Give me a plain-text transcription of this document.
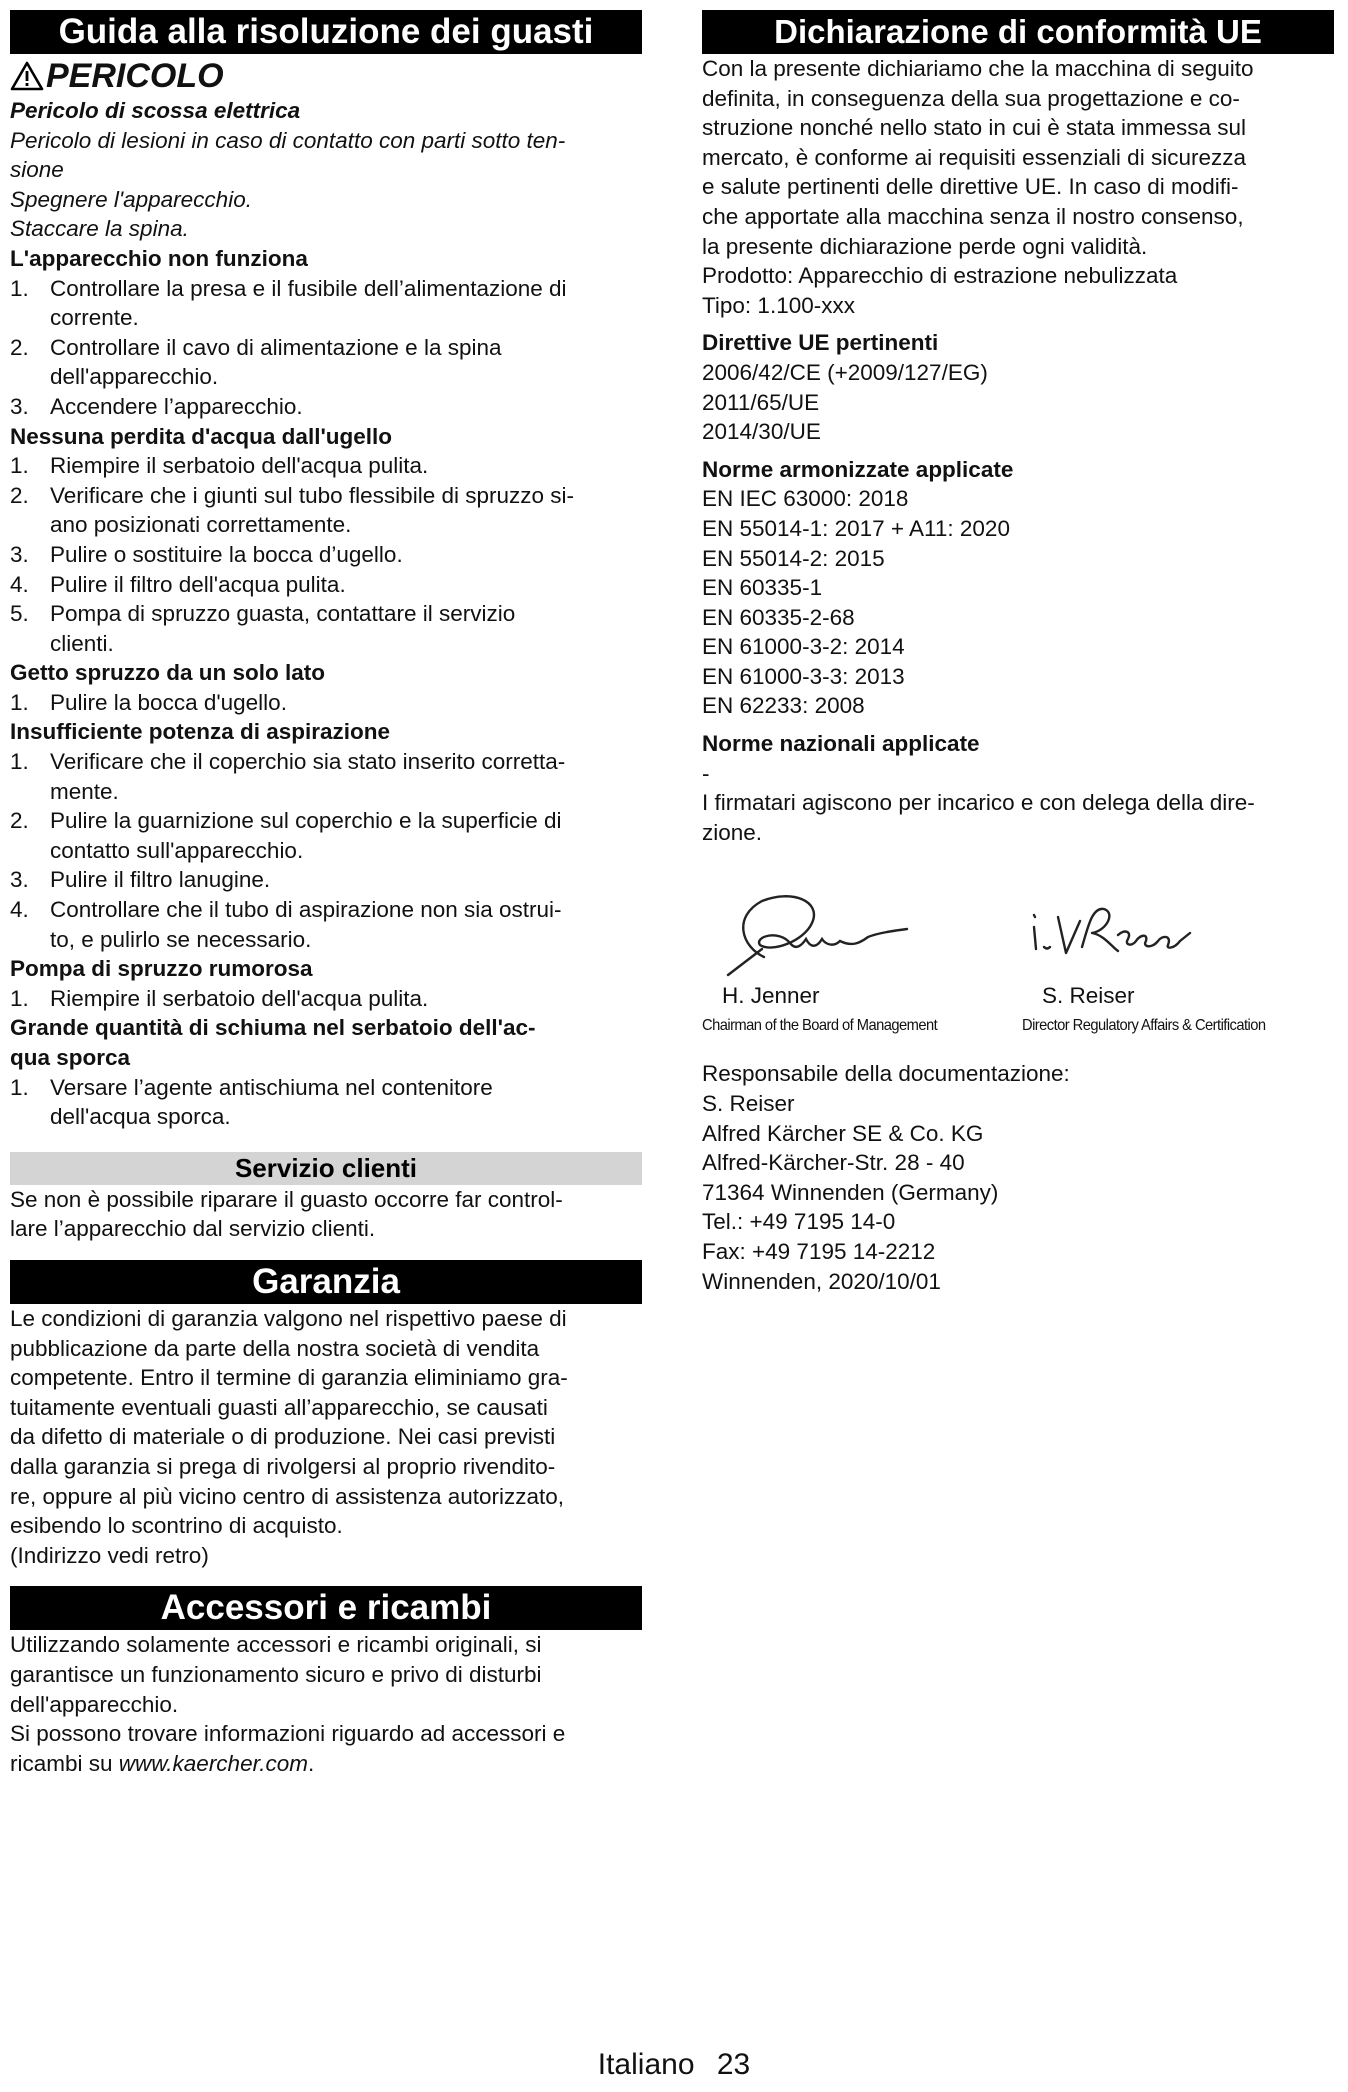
Guida alla risoluzione dei guasti
PERICOLO
Pericolo di scossa elettrica
Pericolo di lesioni in caso di contatto con parti sotto ten-
sione
Spegnere l'apparecchio.
Staccare la spina.
L'apparecchio non funziona
1. Controllare la presa e il fusibile dell’alimentazione di
corrente.
2. Controllare il cavo di alimentazione e la spina
dell'apparecchio.
3. Accendere l’apparecchio.
Nessuna perdita d'acqua dall'ugello
1. Riempire il serbatoio dell'acqua pulita.
2. Verificare che i giunti sul tubo flessibile di spruzzo si-
ano posizionati correttamente.
3. Pulire o sostituire la bocca d’ugello.
4. Pulire il filtro dell'acqua pulita.
5. Pompa di spruzzo guasta, contattare il servizio
clienti.
Getto spruzzo da un solo lato
1. Pulire la bocca d'ugello.
Insufficiente potenza di aspirazione
1. Verificare che il coperchio sia stato inserito corretta-
mente.
2. Pulire la guarnizione sul coperchio e la superficie di
contatto sull'apparecchio.
3. Pulire il filtro lanugine.
4. Controllare che il tubo di aspirazione non sia ostrui-
to, e pulirlo se necessario.
Pompa di spruzzo rumorosa
1. Riempire il serbatoio dell'acqua pulita.
Grande quantità di schiuma nel serbatoio dell'ac-
qua sporca
1. Versare l’agente antischiuma nel contenitore
dell'acqua sporca.
Servizio clienti
Se non è possibile riparare il guasto occorre far control-
lare l’apparecchio dal servizio clienti.
Garanzia
Le condizioni di garanzia valgono nel rispettivo paese di
pubblicazione da parte della nostra società di vendita
competente. Entro il termine di garanzia eliminiamo gra-
tuitamente eventuali guasti all’apparecchio, se causati
da difetto di materiale o di produzione. Nei casi previsti
dalla garanzia si prega di rivolgersi al proprio rivendito-
re, oppure al più vicino centro di assistenza autorizzato,
esibendo lo scontrino di acquisto.
(Indirizzo vedi retro)
Accessori e ricambi
Utilizzando solamente accessori e ricambi originali, si
garantisce un funzionamento sicuro e privo di disturbi
dell'apparecchio.
Si possono trovare informazioni riguardo ad accessori e
ricambi su www.kaercher.com.
Dichiarazione di conformità UE
Con la presente dichiariamo che la macchina di seguito
definita, in conseguenza della sua progettazione e co-
struzione nonché nello stato in cui è stata immessa sul
mercato, è conforme ai requisiti essenziali di sicurezza
e salute pertinenti delle direttive UE. In caso di modifi-
che apportate alla macchina senza il nostro consenso,
la presente dichiarazione perde ogni validità.
Prodotto: Apparecchio di estrazione nebulizzata
Tipo: 1.100-xxx
Direttive UE pertinenti
2006/42/CE (+2009/127/EG)
2011/65/UE
2014/30/UE
Norme armonizzate applicate
EN IEC 63000: 2018
EN 55014-1: 2017 + A11: 2020
EN 55014-2: 2015
EN 60335-1
EN 60335-2-68
EN 61000-3-2: 2014
EN 61000-3-3: 2013
EN 62233: 2008
Norme nazionali applicate
-
I firmatari agiscono per incarico e con delega della dire-
zione.
H. Jenner
Chairman of the Board of Management
S. Reiser
Director Regulatory Affairs & Certification
Responsabile della documentazione:
S. Reiser
Alfred Kärcher SE & Co. KG
Alfred-Kärcher-Str. 28 - 40
71364 Winnenden (Germany)
Tel.: +49 7195 14-0
Fax: +49 7195 14-2212
Winnenden, 2020/10/01
Italiano 23
